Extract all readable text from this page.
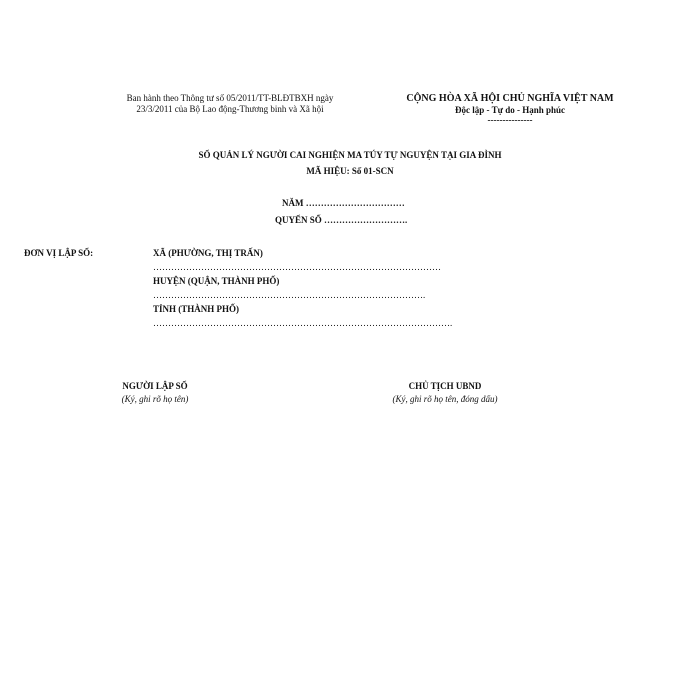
Ban hành theo Thông tư số 05/2011/TT-BLĐTBXH ngày
23/3/2011 của Bộ Lao động-Thương binh và Xã hội
CỘNG HÒA XÃ HỘI CHỦ NGHĨA VIỆT NAM
Độc lập - Tự do - Hạnh phúc
---------------
SỔ QUẢN LÝ NGƯỜI CAI NGHIỆN MA TÚY TỰ NGUYỆN TẠI GIA ĐÌNH
MÃ HIỆU: Số 01-SCN
NĂM ……………………………
QUYỂN SỐ ……………………….
ĐƠN VỊ LẬP SỔ:	XÃ (PHƯỜNG, THỊ TRẤN)
……………………………………………………………………………………
HUYỆN (QUẬN, THÀNH PHỐ)
……………………………………………………………………………….
TỈNH (THÀNH PHỐ)
……………………………………………………………………………………….
NGƯỜI LẬP SỔ
(Ký, ghi rõ họ tên)
CHỦ TỊCH UBND
(Ký, ghi rõ họ tên, đóng dấu)
